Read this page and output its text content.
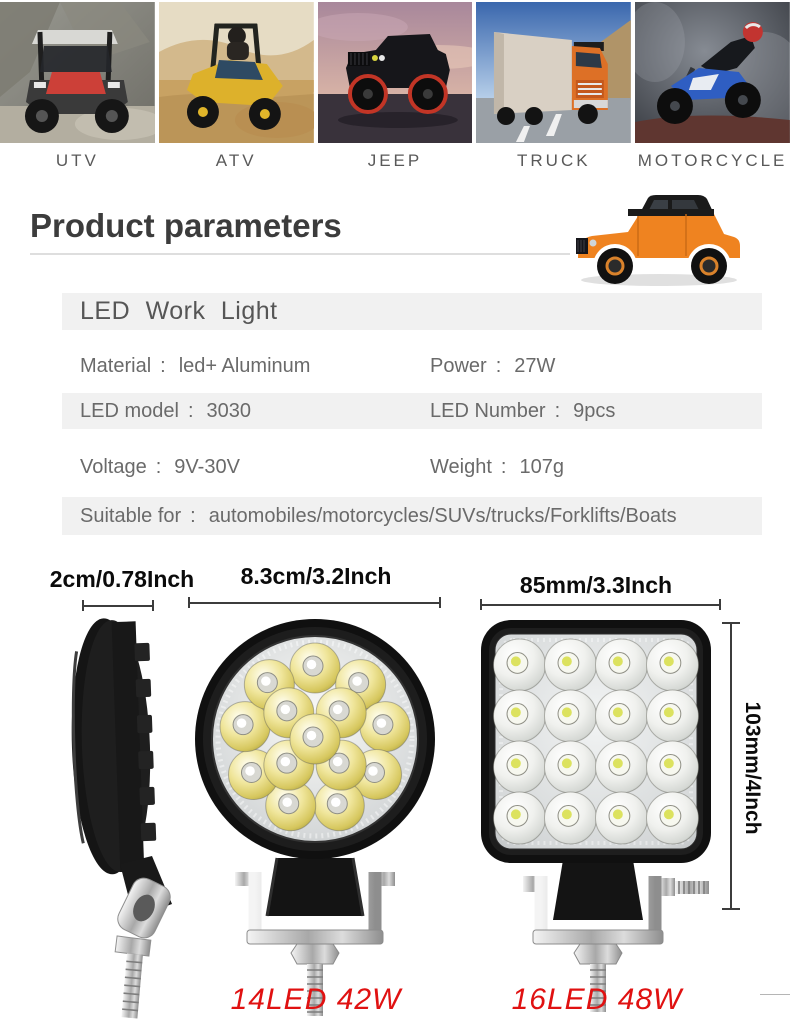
UTV	ATV	JEEP	TRUCK	MOTORCYCLE
Product parameters
LED Work Light
Material : led+ Aluminum	Power : 27W
LED model : 3030	LED Number : 9pcs
Voltage : 9V-30V	Weight : 107g
Suitable for : automobiles/motorcycles/SUVs/trucks/Forklifts/Boats
2cm/0.78Inch 8.3cm/3.2Inch	85mm/3.3Inch
103mm/4Inch
14LED 42W	16LED 48W
